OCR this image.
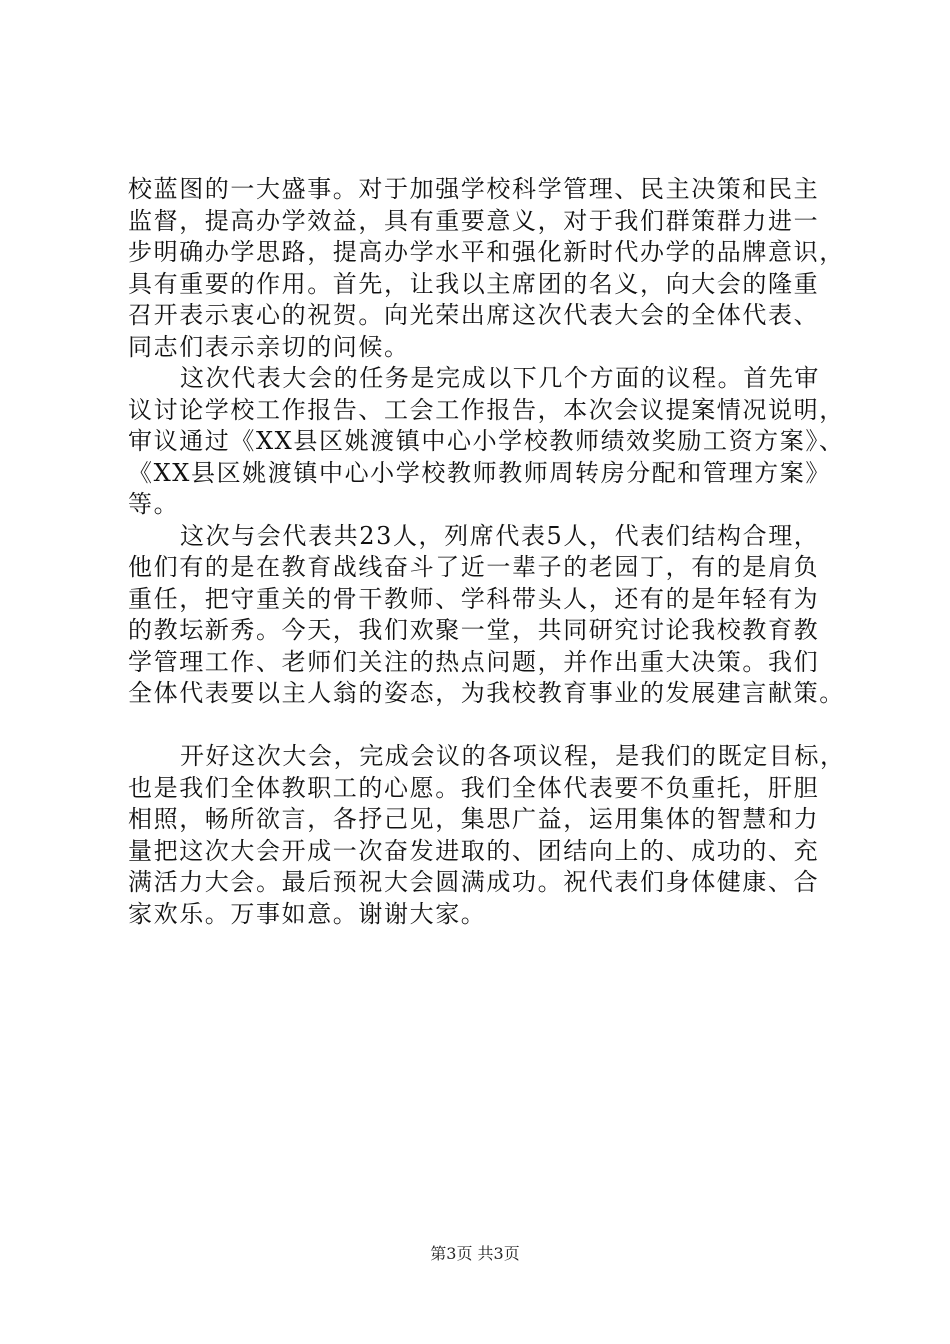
校蓝图的一大盛事。对于加强学校科学管理、民主决策和民主
监督，提高办学效益，具有重要意义，对于我们群策群力进一
步明确办学思路，提高办学水平和强化新时代办学的品牌意识，
具有重要的作用。首先，让我以主席团的名义，向大会的隆重
召开表示衷心的祝贺。向光荣出席这次代表大会的全体代表、
同志们表示亲切的问候。
这次代表大会的任务是完成以下几个方面的议程。首先审
议讨论学校工作报告、工会工作报告，本次会议提案情况说明，
审议通过《XX县区姚渡镇中心小学校教师绩效奖励工资方案》、
《XX县区姚渡镇中心小学校教师教师周转房分配和管理方案》
等。
这次与会代表共23人，列席代表5人，代表们结构合理，
他们有的是在教育战线奋斗了近一辈子的老园丁，有的是肩负
重任，把守重关的骨干教师、学科带头人，还有的是年轻有为
的教坛新秀。今天，我们欢聚一堂，共同研究讨论我校教育教
学管理工作、老师们关注的热点问题，并作出重大决策。我们
全体代表要以主人翁的姿态，为我校教育事业的发展建言献策。
开好这次大会，完成会议的各项议程，是我们的既定目标，
也是我们全体教职工的心愿。我们全体代表要不负重托，肝胆
相照，畅所欲言，各抒己见，集思广益，运用集体的智慧和力
量把这次大会开成一次奋发进取的、团结向上的、成功的、充
满活力大会。最后预祝大会圆满成功。祝代表们身体健康、合
家欢乐。万事如意。谢谢大家。
第3页 共3页
